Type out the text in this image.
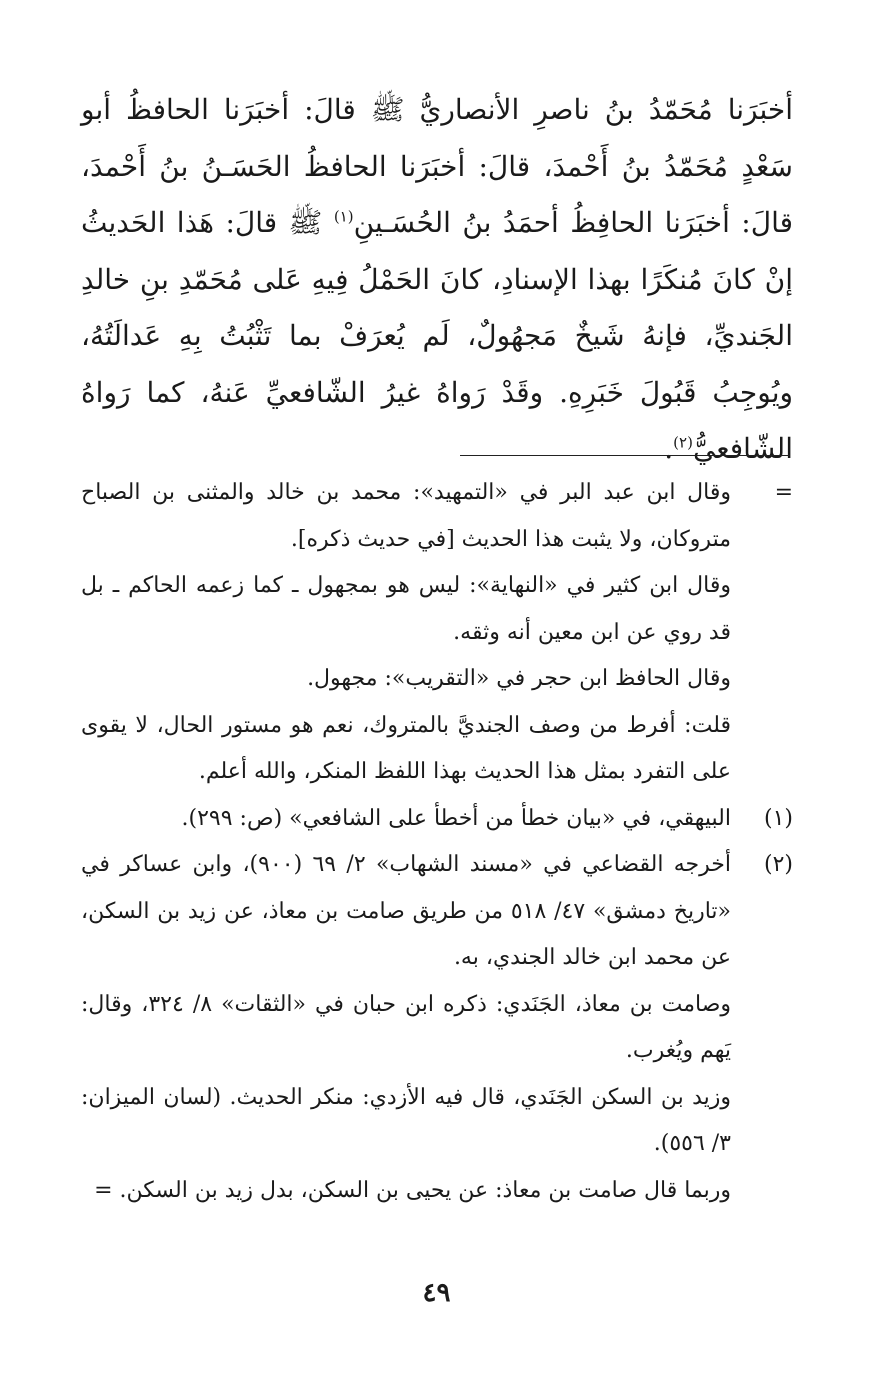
أخبَرَنا مُحَمّدُ بنُ ناصرِ الأنصاريُّ ﷺ قالَ: أخبَرَنا الحافظُ أبو سَعْدٍ مُحَمّدُ بنُ أَحْمدَ، قالَ: أخبَرَنا الحافظُ الحَسَـنُ بنُ أَحْمدَ، قالَ: أخبَرَنا الحافِظُ أحمَدُ بنُ الحُسَـينِ$^{(١)}$ ﷺ قالَ: هَذا الحَديثُ إنْ كانَ مُنكَرًا بهذا الإسنادِ، كانَ الحَمْلُ فِيهِ عَلى مُحَمّدِ بنِ خالدِ الجَنديِّ، فإنهُ شَيخٌ مَجهُولٌ، لَم يُعرَفْ بما تَثْبُتُ بِهِ عَدالَتُهُ، ويُوجِبُ قَبُولَ خَبَرِهِ. وقَدْ رَواهُ غيرُ الشّافعيِّ عَنهُ، كما رَواهُ الشّافعيُّ$^{(٢)}$.

=

وقال ابن عبد البر في «التمهيد»: محمد بن خالد والمثنى بن الصباح متروكان، ولا يثبت هذا الحديث [في حديث ذكره].

وقال ابن كثير في «النهاية»: ليس هو بمجهول ـ كما زعمه الحاكم ـ بل قد روي عن ابن معين أنه وثقه.

وقال الحافظ ابن حجر في «التقريب»: مجهول.

قلت: أفرط من وصف الجنديَّ بالمتروك، نعم هو مستور الحال، لا يقوى على التفرد بمثل هذا الحديث بهذا اللفظ المنكر، والله أعلم.

(١)

البيهقي، في «بيان خطأ من أخطأ على الشافعي» (ص: ٢٩٩).

(٢)

أخرجه القضاعي في «مسند الشهاب» ٢/ ٦٩ (٩٠٠)، وابن عساكر في «تاريخ دمشق» ٤٧/ ٥١٨ من طريق صامت بن معاذ، عن زيد بن السكن، عن محمد ابن خالد الجندي، به.

وصامت بن معاذ، الجَنَدي: ذكره ابن حبان في «الثقات» ٨/ ٣٢٤، وقال: يَهم ويُغرب.

وزيد بن السكن الجَنَدي، قال فيه الأزدي: منكر الحديث. (لسان الميزان: ٣/ ٥٥٦).

وربما قال صامت بن معاذ: عن يحيى بن السكن، بدل زيد بن السكن. =

٤٩
